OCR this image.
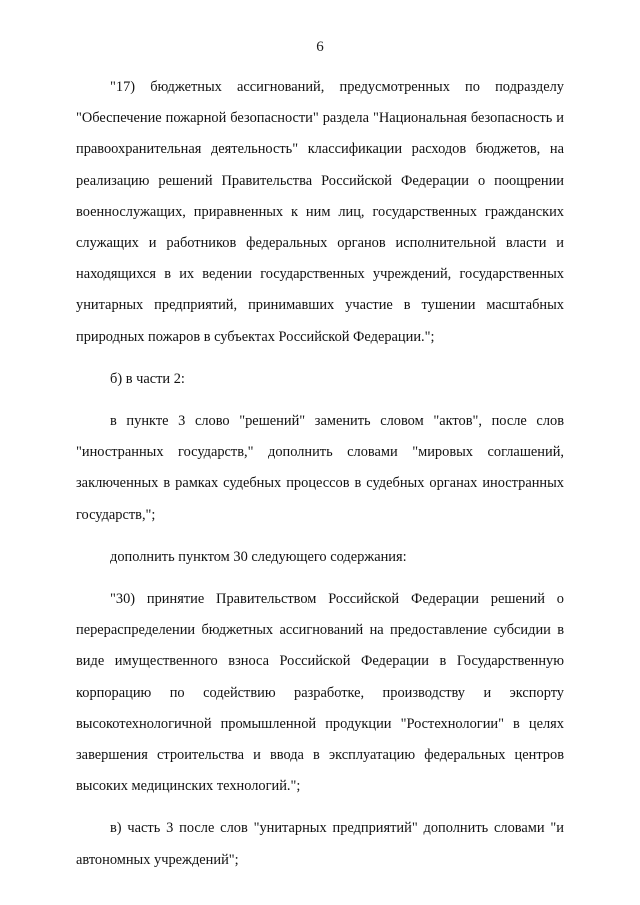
6

"17) бюджетных ассигнований, предусмотренных по подразделу "Обеспечение пожарной безопасности" раздела "Национальная безопасность и правоохранительная деятельность" классификации расходов бюджетов, на реализацию решений Правительства Российской Федерации о поощрении военнослужащих, приравненных к ним лиц, государственных гражданских служащих и работников федеральных органов исполнительной власти и находящихся в их ведении государственных учреждений, государственных унитарных предприятий, принимавших участие в тушении масштабных природных пожаров в субъектах Российской Федерации.";

б) в части 2:

в пункте 3 слово "решений" заменить словом "актов", после слов "иностранных государств," дополнить словами "мировых соглашений, заключенных в рамках судебных процессов в судебных органах иностранных государств,";

дополнить пунктом 30 следующего содержания:

"30) принятие Правительством Российской Федерации решений о перераспределении бюджетных ассигнований на предоставление субсидии в виде имущественного взноса Российской Федерации в Государственную корпорацию по содействию разработке, производству и экспорту высокотехнологичной промышленной продукции "Ростехнологии" в целях завершения строительства и ввода в эксплуатацию федеральных центров высоких медицинских технологий.";

в) часть 3 после слов "унитарных предприятий" дополнить словами "и автономных учреждений";
